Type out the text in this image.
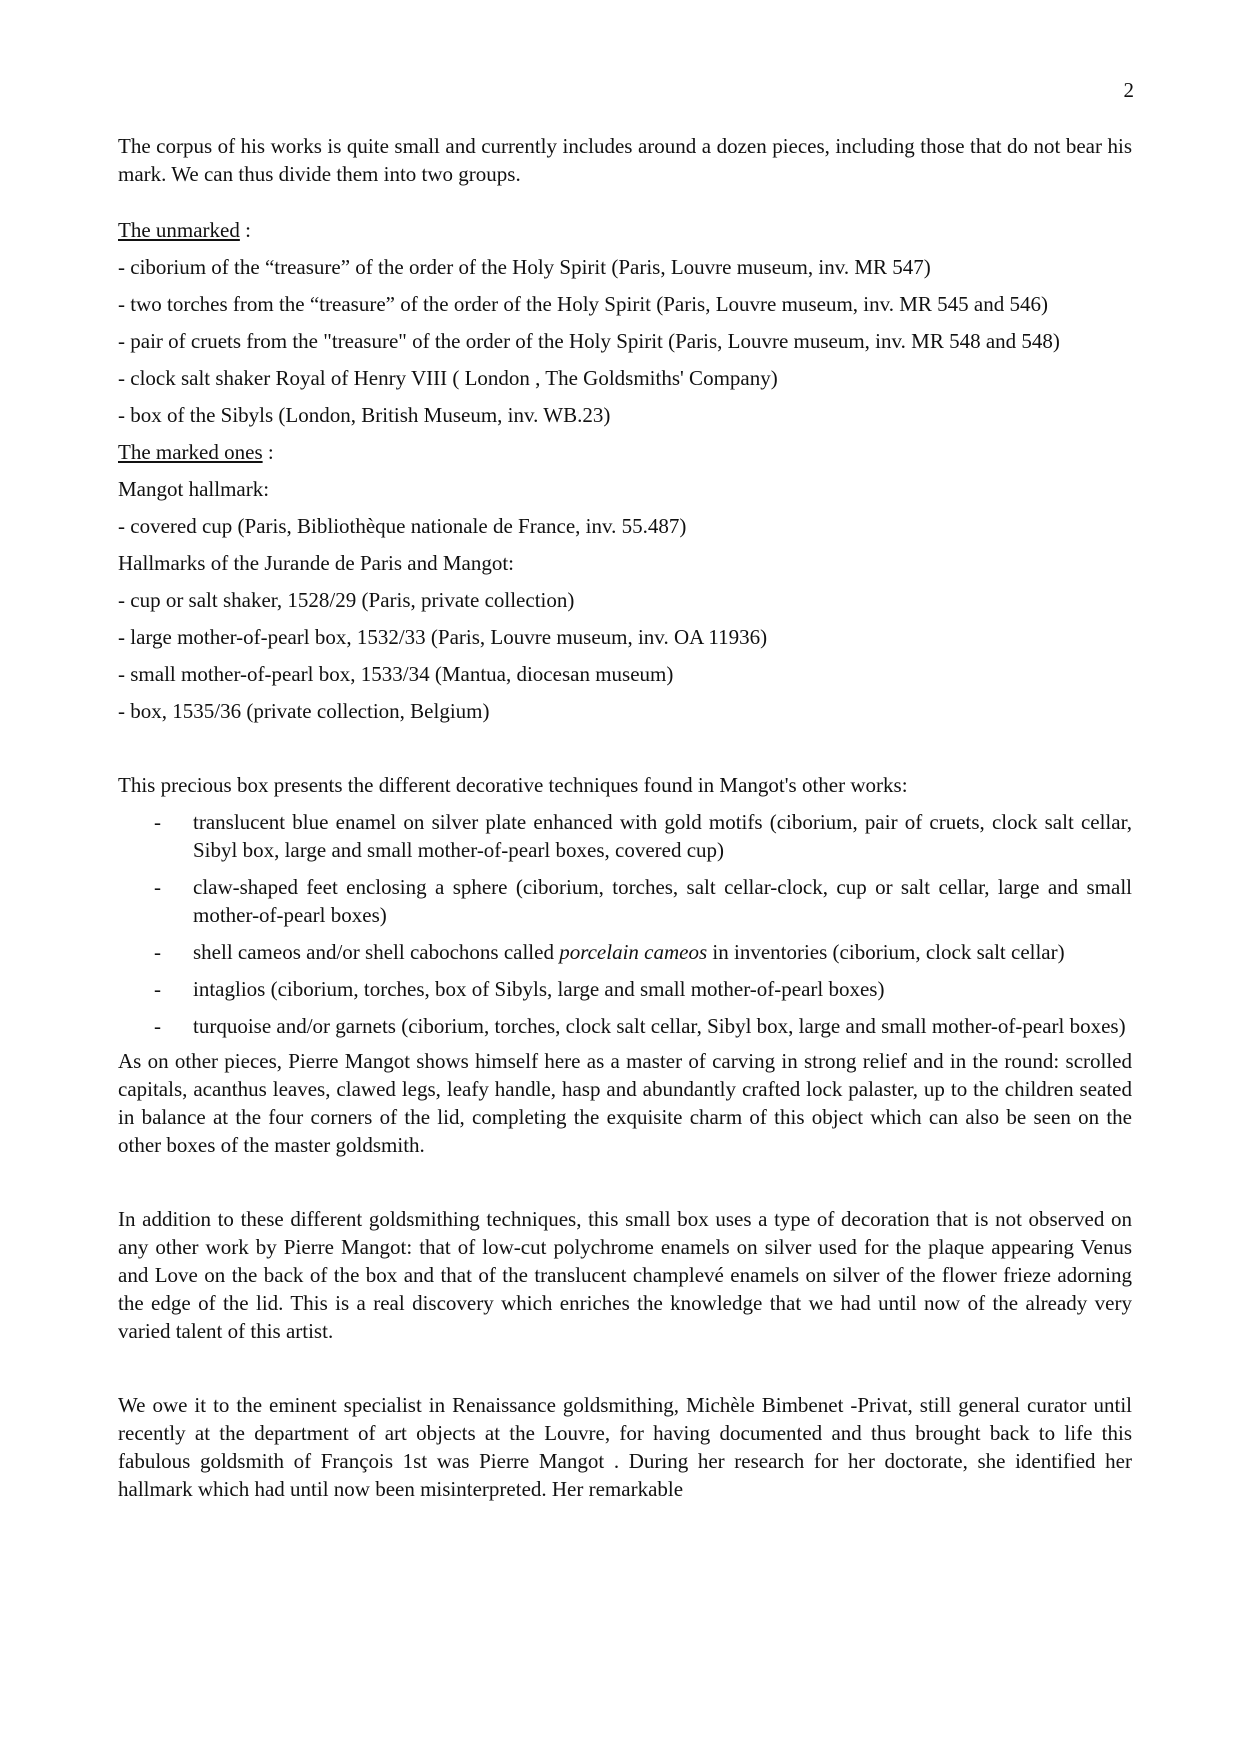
2

The corpus of his works is quite small and currently includes around a dozen pieces, including those that do not bear his mark. We can thus divide them into two groups.

The unmarked :

- ciborium of the “treasure” of the order of the Holy Spirit (Paris, Louvre museum, inv. MR 547)

- two torches from the “treasure” of the order of the Holy Spirit (Paris, Louvre museum, inv. MR 545 and 546)

- pair of cruets from the "treasure" of the order of the Holy Spirit (Paris, Louvre museum, inv. MR 548 and 548)

- clock salt shaker Royal of Henry VIII ( London , The Goldsmiths' Company)

- box of the Sibyls (London, British Museum, inv. WB.23)

The marked ones :

Mangot hallmark:

- covered cup (Paris, Bibliothèque nationale de France, inv. 55.487)

Hallmarks of the Jurande de Paris and Mangot:

- cup or salt shaker, 1528/29 (Paris, private collection)

- large mother-of-pearl box, 1532/33 (Paris, Louvre museum, inv. OA 11936)

- small mother-of-pearl box, 1533/34 (Mantua, diocesan museum)

- box, 1535/36 (private collection, Belgium)

This precious box presents the different decorative techniques found in Mangot's other works:

- translucent blue enamel on silver plate enhanced with gold motifs (ciborium, pair of cruets, clock salt cellar, Sibyl box, large and small mother-of-pearl boxes, covered cup)
- claw-shaped feet enclosing a sphere (ciborium, torches, salt cellar-clock, cup or salt cellar, large and small mother-of-pearl boxes)
- shell cameos and/or shell cabochons called porcelain cameos in inventories (ciborium, clock salt cellar)
- intaglios (ciborium, torches, box of Sibyls, large and small mother-of-pearl boxes)
- turquoise and/or garnets (ciborium, torches, clock salt cellar, Sibyl box, large and small mother-of-pearl boxes)

As on other pieces, Pierre Mangot shows himself here as a master of carving in strong relief and in the round: scrolled capitals, acanthus leaves, clawed legs, leafy handle, hasp and abundantly crafted lock palaster, up to the children seated in balance at the four corners of the lid, completing the exquisite charm of this object which can also be seen on the other boxes of the master goldsmith.

In addition to these different goldsmithing techniques, this small box uses a type of decoration that is not observed on any other work by Pierre Mangot: that of low-cut polychrome enamels on silver used for the plaque appearing Venus and Love on the back of the box and that of the translucent champlevé enamels on silver of the flower frieze adorning the edge of the lid. This is a real discovery which enriches the knowledge that we had until now of the already very varied talent of this artist.

We owe it to the eminent specialist in Renaissance goldsmithing, Michèle Bimbenet -Privat, still general curator until recently at the department of art objects at the Louvre, for having documented and thus brought back to life this fabulous goldsmith of François 1st was Pierre Mangot . During her research for her doctorate, she identified her hallmark which had until now been misinterpreted. Her remarkable
